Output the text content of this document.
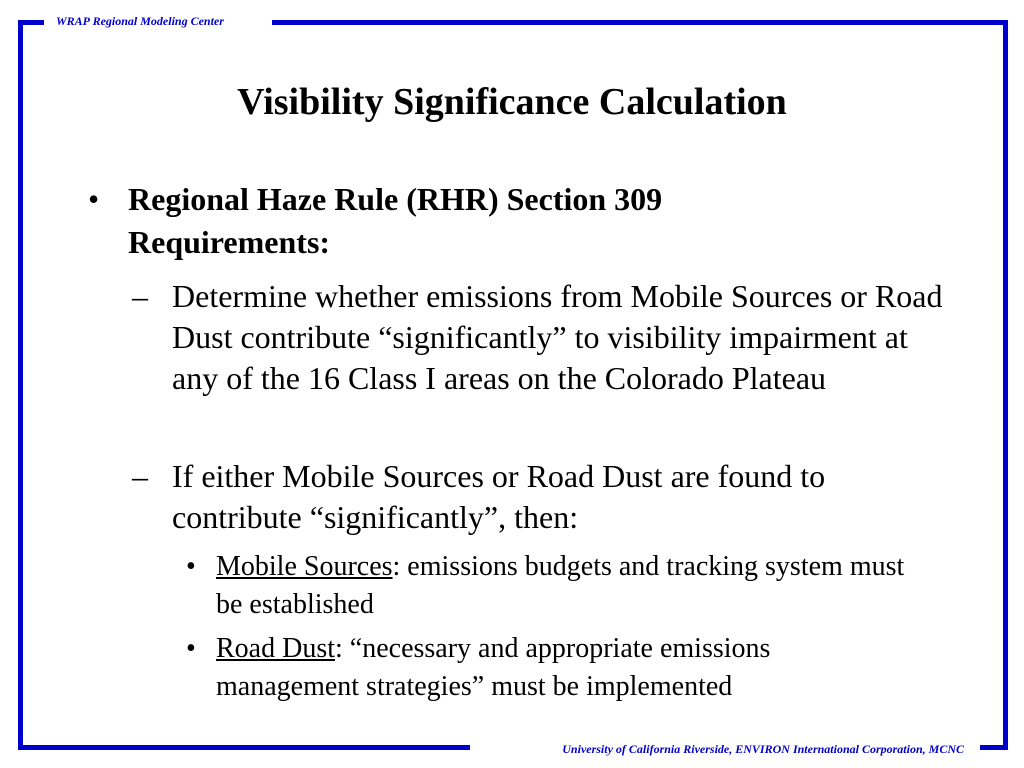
WRAP Regional Modeling Center
University of California Riverside, ENVIRON International Corporation, MCNC
Visibility Significance Calculation
• Regional Haze Rule (RHR) Section 309 Requirements:
– Determine whether emissions from Mobile Sources or Road Dust contribute “significantly” to visibility impairment at any of the 16 Class I areas on the Colorado Plateau
– If either Mobile Sources or Road Dust are found to contribute “significantly”, then:
• Mobile Sources: emissions budgets and tracking system must be established
• Road Dust: “necessary and appropriate emissions management strategies” must be implemented
